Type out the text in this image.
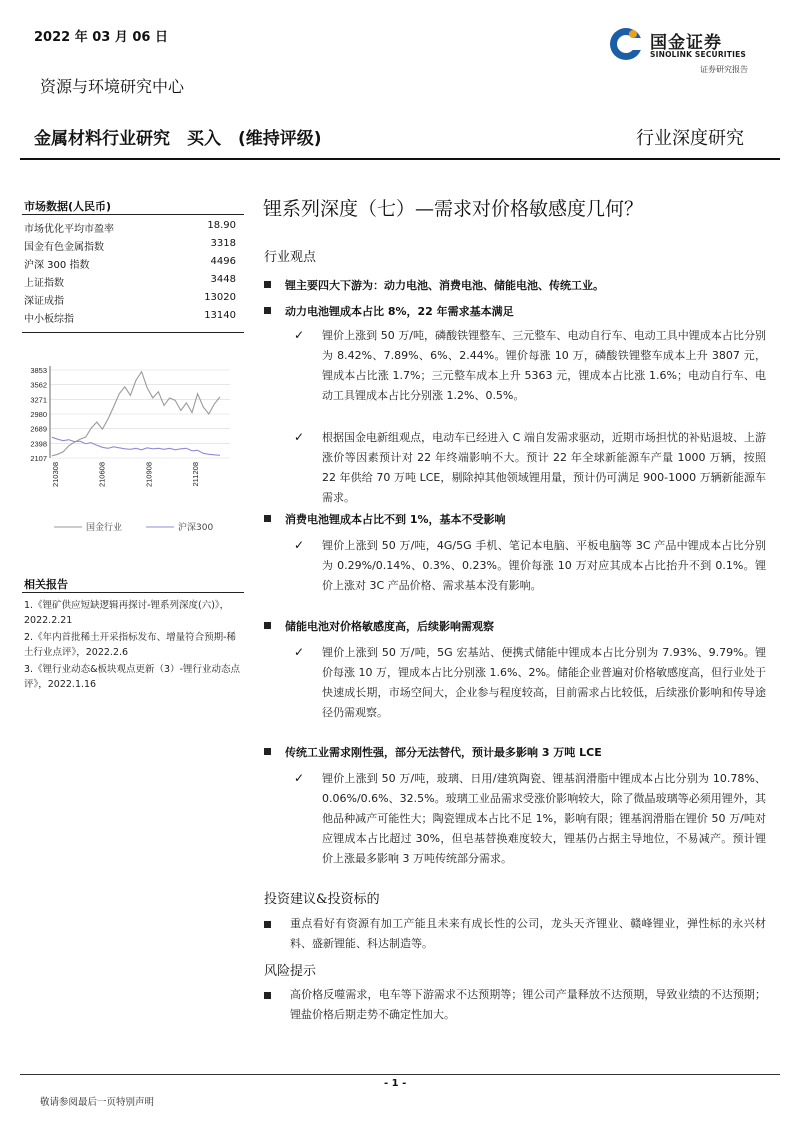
2022 年 03 月 06 日	国金证券
SINOLINK SECURITIES
证券研究报告
资源与环境研究中心
金属材料行业研究　买入　(维持评级)	行业深度研究
市场数据(人民币)
市场优化平均市盈率	18.90
国金有色金属指数	3318
沪深 300 指数	4496
上证指数	3448
深证成指	13020
中小板综指	13140
3853
3562
3271
2980
2689
2398
2107
210308	210608	210908	211208
国金行业	沪深300
相关报告
1.《锂矿供应短缺逻辑再探讨-锂系列深度(六)》，2022.2.21
2.《年内首批稀土开采指标发布、增量符合预期-稀土行业点评》，2022.2.6
3.《锂行业动态&板块观点更新（3）-锂行业动态点评》，2022.1.16
锂系列深度（七）—需求对价格敏感度几何？
行业观点
锂主要四大下游为：动力电池、消费电池、储能电池、传统工业。
动力电池锂成本占比 8%，22 年需求基本满足
✓ 锂价上涨到 50 万/吨，磷酸铁锂整车、三元整车、电动自行车、电动工具中锂成本占比分别为 8.42%、7.89%、6%、2.44%。锂价每涨 10 万，磷酸铁锂整车成本上升 3807 元，锂成本占比涨 1.7%；三元整车成本上升 5363 元，锂成本占比涨 1.6%；电动自行车、电动工具锂成本占比分别涨 1.2%、0.5%。
✓ 根据国金电新组观点，电动车已经进入 C 端自发需求驱动，近期市场担忧的补贴退坡、上游涨价等因素预计对 22 年终端影响不大。预计 22 年全球新能源车产量 1000 万辆，按照 22 年供给 70 万吨 LCE，剔除掉其他领域锂用量，预计仍可满足 900-1000 万辆新能源车需求。
消费电池锂成本占比不到 1%，基本不受影响
✓ 锂价上涨到 50 万/吨，4G/5G 手机、笔记本电脑、平板电脑等 3C 产品中锂成本占比分别为 0.29%/0.14%、0.3%、0.23%。锂价每涨 10 万对应其成本占比抬升不到 0.1%。锂价上涨对 3C 产品价格、需求基本没有影响。
储能电池对价格敏感度高，后续影响需观察
✓ 锂价上涨到 50 万/吨，5G 宏基站、便携式储能中锂成本占比分别为 7.93%、9.79%。锂价每涨 10 万，锂成本占比分别涨 1.6%、2%。储能企业普遍对价格敏感度高，但行业处于快速成长期，市场空间大，企业参与程度较高，目前需求占比较低，后续涨价影响和传导途径仍需观察。
传统工业需求刚性强，部分无法替代，预计最多影响 3 万吨 LCE
✓ 锂价上涨到 50 万/吨，玻璃、日用/建筑陶瓷、锂基润滑脂中锂成本占比分别为 10.78%、0.06%/0.6%、32.5%。玻璃工业品需求受涨价影响较大，除了微晶玻璃等必须用锂外，其他品种减产可能性大；陶瓷锂成本占比不足 1%，影响有限；锂基润滑脂在锂价 50 万/吨对应锂成本占比超过 30%，但皂基替换难度较大，锂基仍占据主导地位，不易减产。预计锂价上涨最多影响 3 万吨传统部分需求。
投资建议&投资标的
重点看好有资源有加工产能且未来有成长性的公司，龙头天齐锂业、赣峰锂业，弹性标的永兴材料、盛新锂能、科达制造等。
风险提示
高价格反噬需求，电车等下游需求不达预期等；锂公司产量释放不达预期，导致业绩的不达预期；锂盐价格后期走势不确定性加大。
- 1 -
敬请参阅最后一页特别声明
